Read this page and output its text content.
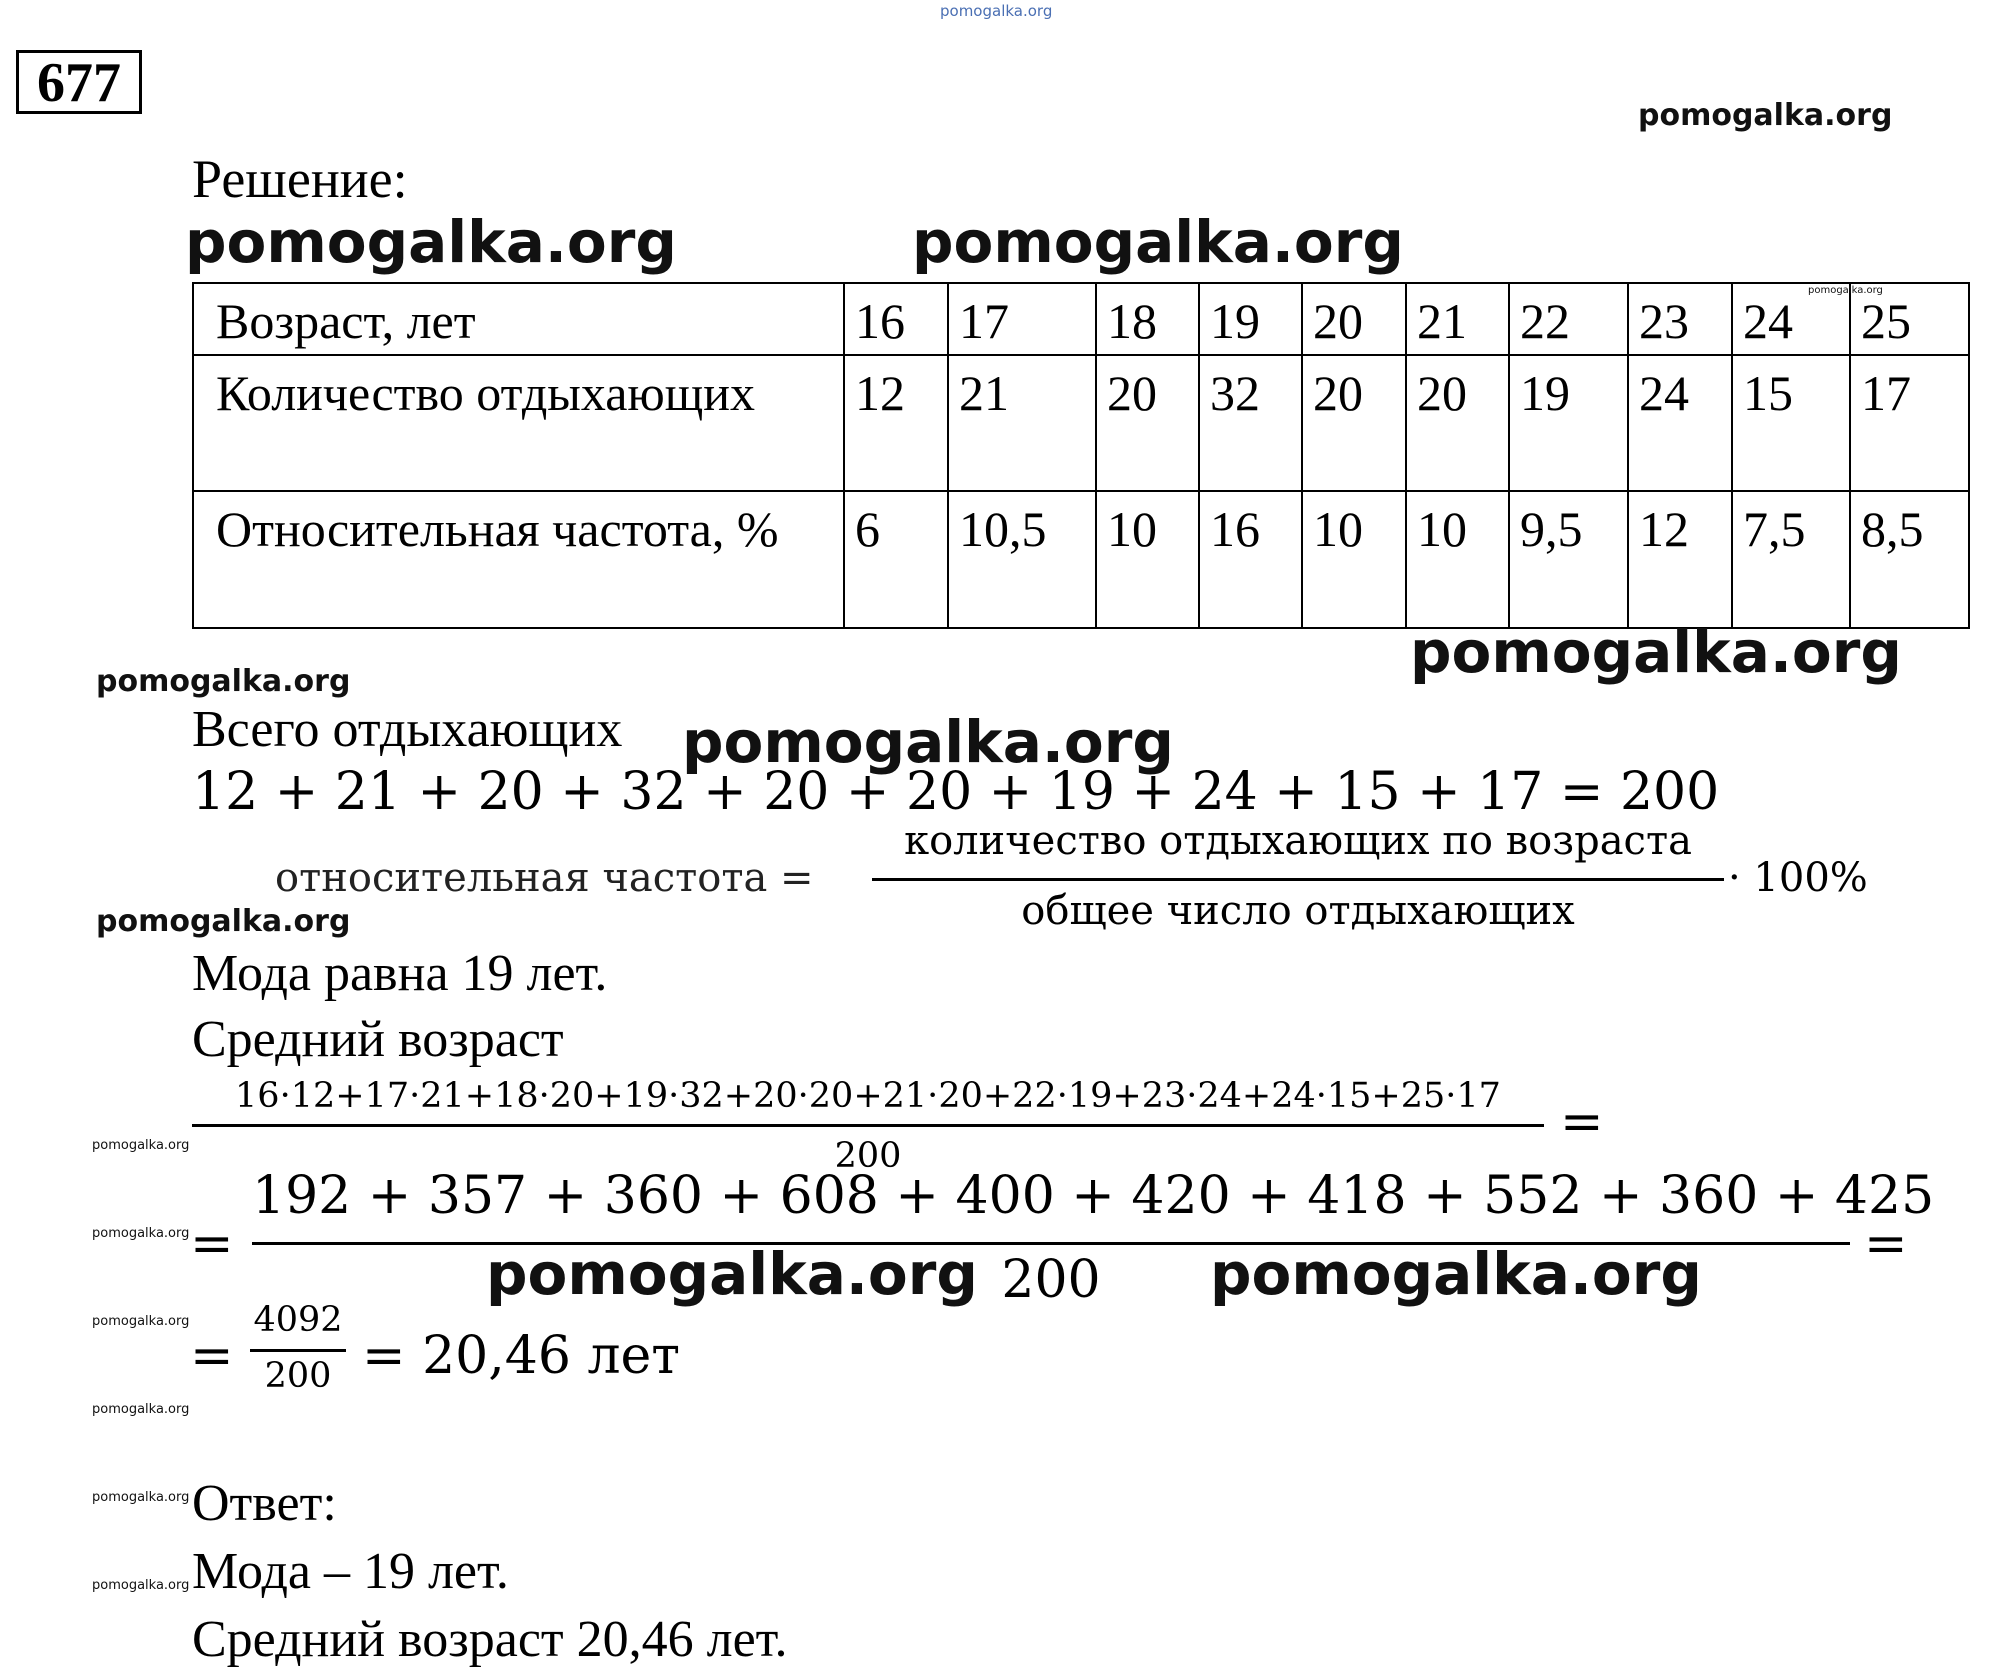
pomogalka.org
677
pomogalka.org
Решение:
pomogalka.org	pomogalka.org
pomogalka.org
Возраст, лет	16	17	18	19	20	21	22	23	24	25
Количество отдыхающих	12	21	20	32	20	20	19	24	15	17
Относительная частота, %	6	10,5	10	16	10	10	9,5	12	7,5	8,5
pomogalka.org
pomogalka.org
Всего отдыхающих pomogalka.org
12 + 21 + 20 + 32 + 20 + 20 + 19 + 24 + 15 + 17 = 200
относительная частота =
количество отдыхающих по возраста
общее число отдыхающих
· 100%
pomogalka.org
Мода равна 19 лет.
Средний возраст
16·12+17·21+18·20+19·32+20·20+21·20+22·19+23·24+24·15+25·17
200
=
pomogalka.org
pomogalka.org =
192 + 357 + 360 + 608 + 400 + 420 + 418 + 552 + 360 + 425
200
=
pomogalka.org	pomogalka.org
pomogalka.org
=
4092
200 = 20,46 лет
pomogalka.org
pomogalka.org Ответ:
pomogalka.org Мода – 19 лет.
Средний возраст 20,46 лет.
